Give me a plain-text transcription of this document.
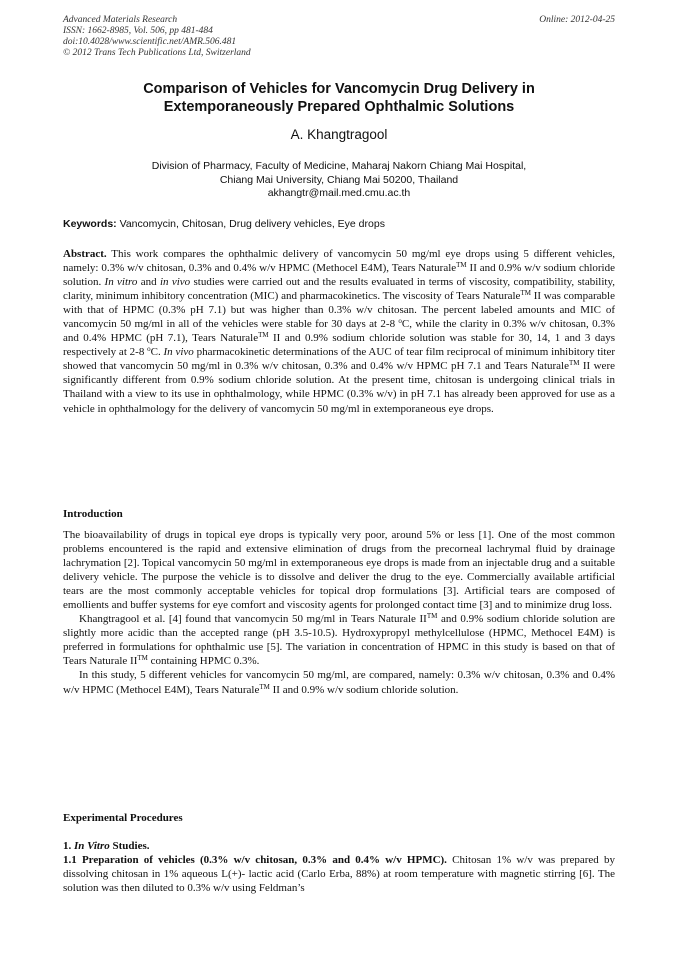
Advanced Materials Research
ISSN: 1662-8985, Vol. 506, pp 481-484
doi:10.4028/www.scientific.net/AMR.506.481
© 2012 Trans Tech Publications Ltd, Switzerland
Online: 2012-04-25
Comparison of Vehicles for Vancomycin Drug Delivery in
Extemporaneously Prepared Ophthalmic Solutions
A. Khangtragool
Division of Pharmacy, Faculty of Medicine, Maharaj Nakorn Chiang Mai Hospital,
Chiang Mai University, Chiang Mai 50200, Thailand
akhangtr@mail.med.cmu.ac.th
Keywords: Vancomycin, Chitosan, Drug delivery vehicles, Eye drops

Abstract. This work compares the ophthalmic delivery of vancomycin 50 mg/ml eye drops using 5 different vehicles, namely: 0.3% w/v chitosan, 0.3% and 0.4% w/v HPMC (Methocel E4M), Tears Naturale™ II and 0.9% w/v sodium chloride solution. In vitro and in vivo studies were carried out and the results evaluated in terms of viscosity, compatibility, stability, clarity, minimum inhibitory concentration (MIC) and pharmacokinetics. The viscosity of Tears Naturale™ II was comparable with that of HPMC (0.3% pH 7.1) but was higher than 0.3% w/v chitosan. The percent labeled amounts and MIC of vancomycin 50 mg/ml in all of the vehicles were stable for 30 days at 2-8 $^o$C, while the clarity in 0.3% w/v chitosan, 0.3% and 0.4% HPMC (pH 7.1), Tears Naturale™ II and 0.9% sodium chloride solution was stable for 30, 14, 1 and 3 days respectively at 2-8 $^o$C. In vivo pharmacokinetic determinations of the AUC of tear film reciprocal of minimum inhibitory titer showed that vancomycin 50 mg/ml in 0.3% w/v chitosan, 0.3% and 0.4% w/v HPMC pH 7.1 and Tears Naturale™ II were significantly different from 0.9% sodium chloride solution. At the present time, chitosan is undergoing clinical trials in Thailand with a view to its use in ophthalmology, while HPMC (0.3% w/v) in pH 7.1 has already been approved for use as a vehicle in ophthalmology for the delivery of vancomycin 50 mg/ml in extemporaneous eye drops.

Introduction

The bioavailability of drugs in topical eye drops is typically very poor, around 5% or less [1]. One of the most common problems encountered is the rapid and extensive elimination of drugs from the precorneal lachrymal fluid by drainage lachrymation [2]. Topical vancomycin 50 mg/ml in extemporaneous eye drops is made from an injectable drug and a suitable delivery vehicle. The purpose the vehicle is to dissolve and deliver the drug to the eye. Commercially available artificial tears are the most commonly acceptable vehicles for topical drop formulations [3]. Artificial tears are composed of emollients and buffer systems for eye comfort and viscosity agents for prolonged contact time [3] and to minimize drug loss.

Khangtragool et al. [4] found that vancomycin 50 mg/ml in Tears Naturale II™ and 0.9% sodium chloride solution are slightly more acidic than the accepted range (pH 3.5-10.5). Hydroxypropyl methylcellulose (HPMC, Methocel E4M) is preferred in formulations for ophthalmic use [5]. The variation in concentration of HPMC in this study is based on that of Tears Naturale II™ containing HPMC 0.3%.

In this study, 5 different vehicles for vancomycin 50 mg/ml, are compared, namely: 0.3% w/v chitosan, 0.3% and 0.4% w/v HPMC (Methocel E4M), Tears Naturale™ II and 0.9% w/v sodium chloride solution.

Experimental Procedures
1. In Vitro Studies.

1.1 Preparation of vehicles (0.3% w/v chitosan, 0.3% and 0.4% w/v HPMC). Chitosan 1% w/v was prepared by dissolving chitosan in 1% aqueous L(+)- lactic acid (Carlo Erba, 88%) at room temperature with magnetic stirring [6]. The solution was then diluted to 0.3% w/v using Feldman’s
